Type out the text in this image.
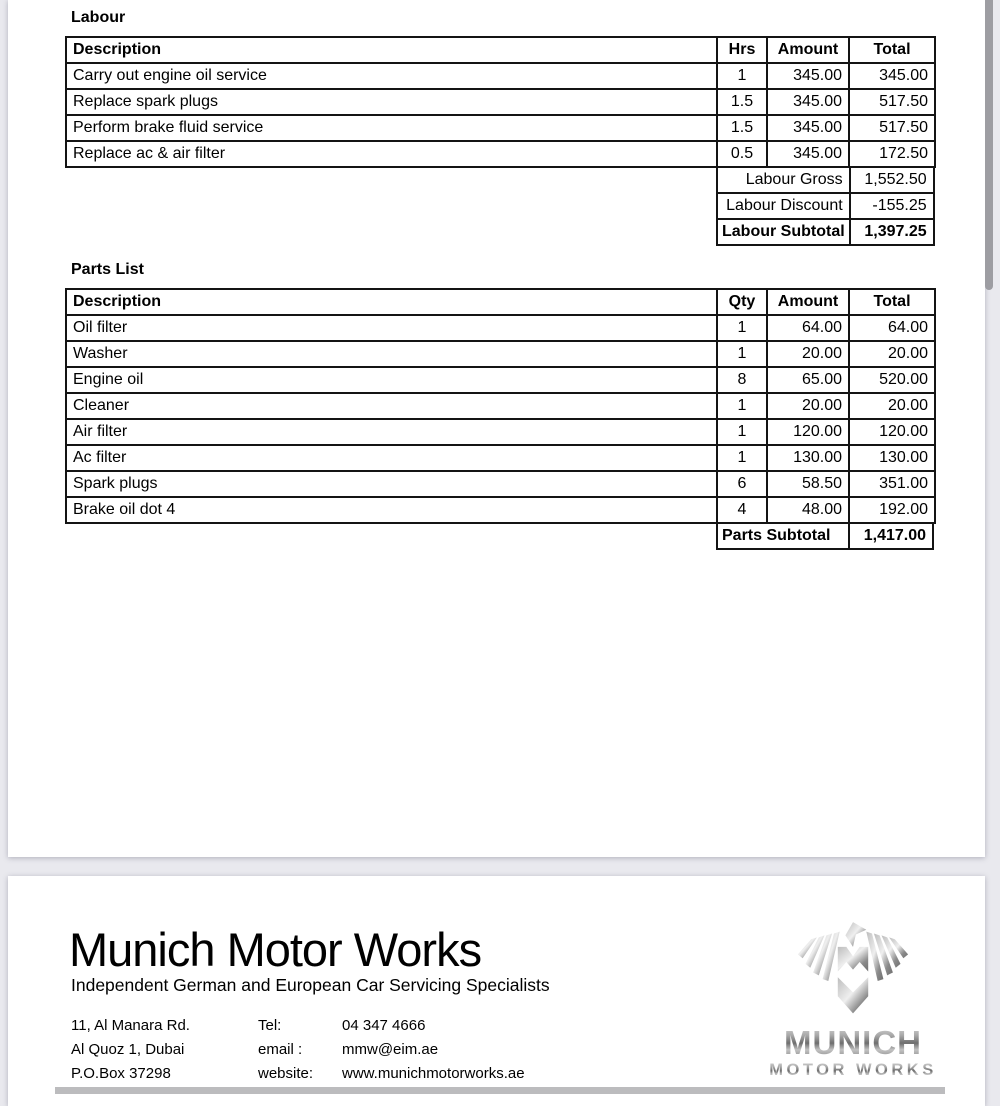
Labour
Description	Hrs	Amount	Total
Carry out engine oil service	1	345.00	345.00
Replace spark plugs	1.5	345.00	517.50
Perform brake fluid service	1.5	345.00	517.50
Replace ac & air filter	0.5	345.00	172.50
Labour Gross	1,552.50
Labour Discount	-155.25
Labour Subtotal	1,397.25
Parts List
Description	Qty	Amount	Total
Oil filter	1	64.00	64.00
Washer	1	20.00	20.00
Engine oil	8	65.00	520.00
Cleaner	1	20.00	20.00
Air filter	1	120.00	120.00
Ac filter	1	130.00	130.00
Spark plugs	6	58.50	351.00
Brake oil dot 4	4	48.00	192.00
Parts Subtotal	1,417.00
Munich Motor Works
Independent German and European Car Servicing Specialists
11, Al Manara Rd.	Tel:	04 347 4666
Al Quoz 1, Dubai	email :	mmw@eim.ae
P.O.Box 37298	website:	www.munichmotorworks.ae
MUNICH
MOTOR WORKS
